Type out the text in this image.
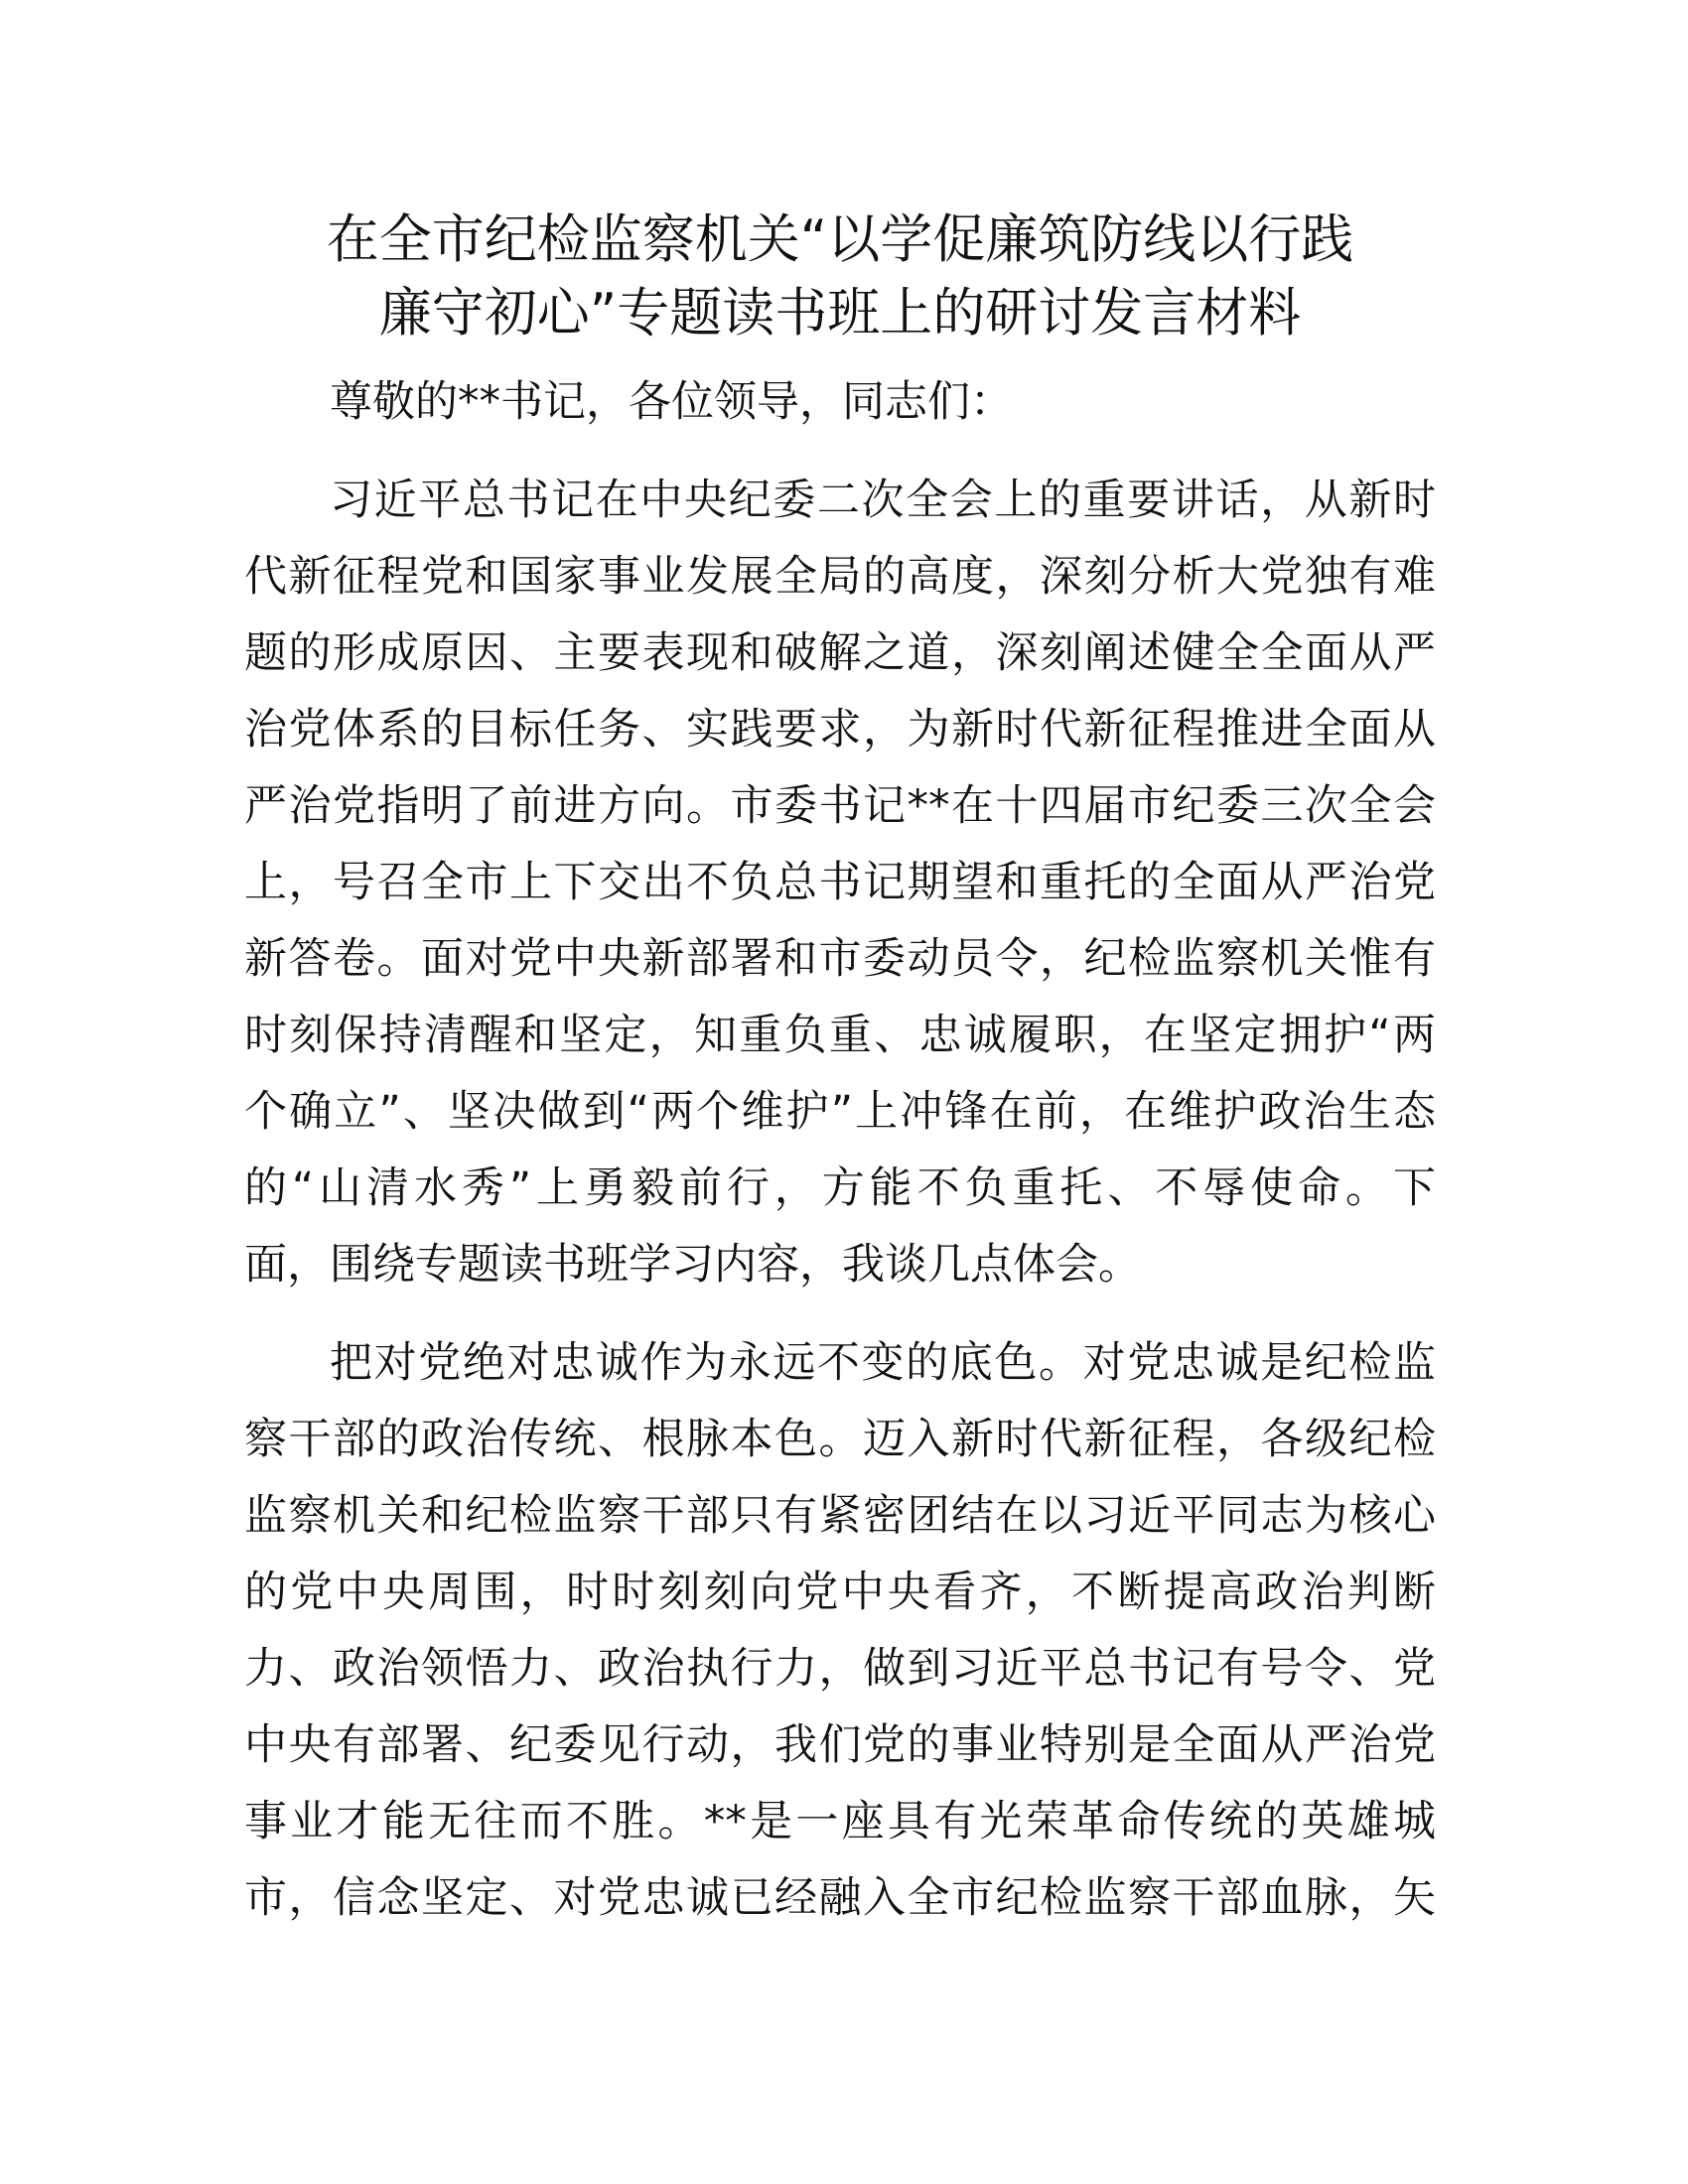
在全市纪检监察机关“以学促廉筑防线以行践
廉守初心”专题读书班上的研讨发言材料

尊敬的**书记，各位领导，同志们：

习近平总书记在中央纪委二次全会上的重要讲话，从新时
代新征程党和国家事业发展全局的高度，深刻分析大党独有难
题的形成原因、主要表现和破解之道，深刻阐述健全全面从严
治党体系的目标任务、实践要求，为新时代新征程推进全面从
严治党指明了前进方向。市委书记**在十四届市纪委三次全会
上，号召全市上下交出不负总书记期望和重托的全面从严治党
新答卷。面对党中央新部署和市委动员令，纪检监察机关惟有
时刻保持清醒和坚定，知重负重、忠诚履职，在坚定拥护“两
个确立”、坚决做到“两个维护”上冲锋在前，在维护政治生态
的“山清水秀”上勇毅前行，方能不负重托、不辱使命。下
面，围绕专题读书班学习内容，我谈几点体会。

把对党绝对忠诚作为永远不变的底色。对党忠诚是纪检监
察干部的政治传统、根脉本色。迈入新时代新征程，各级纪检
监察机关和纪检监察干部只有紧密团结在以习近平同志为核心
的党中央周围，时时刻刻向党中央看齐，不断提高政治判断
力、政治领悟力、政治执行力，做到习近平总书记有号令、党
中央有部署、纪委见行动，我们党的事业特别是全面从严治党
事业才能无往而不胜。**是一座具有光荣革命传统的英雄城
市，信念坚定、对党忠诚已经融入全市纪检监察干部血脉，矢
